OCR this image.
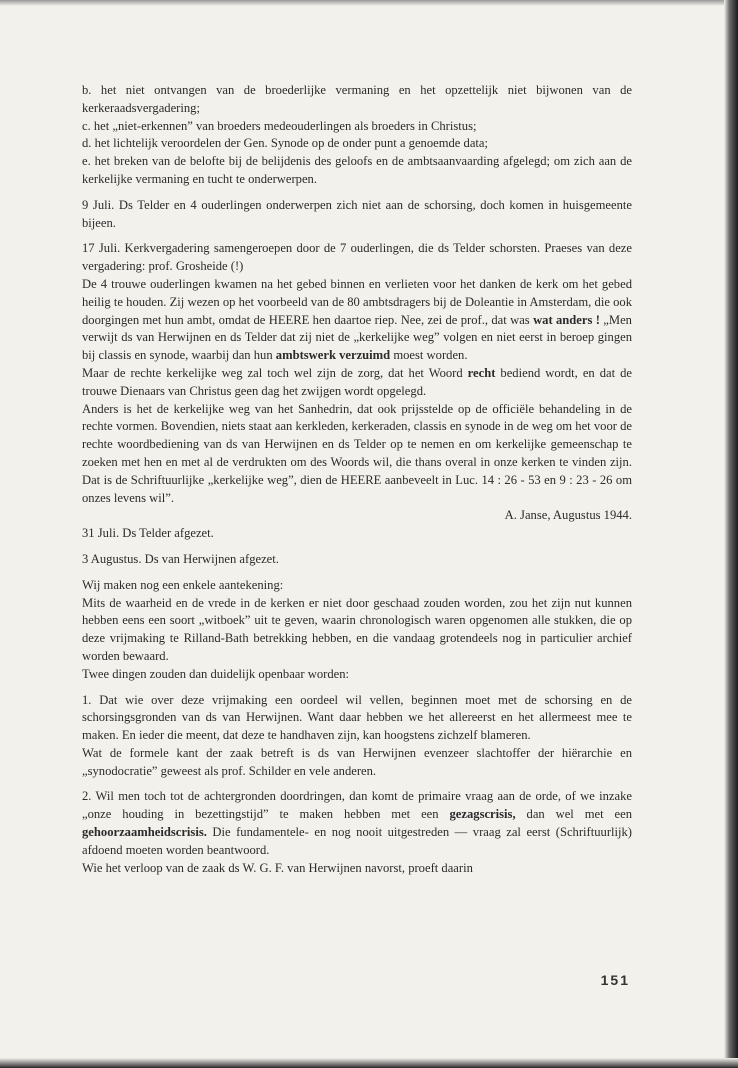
b. het niet ontvangen van de broederlijke vermaning en het opzettelijk niet bijwonen van de kerkeraadsvergadering;

c. het „niet-erkennen” van broeders medeouderlingen als broeders in Christus;

d. het lichtelijk veroordelen der Gen. Synode op de onder punt a genoemde data;

e. het breken van de belofte bij de belijdenis des geloofs en de ambtsaanvaarding afgelegd; om zich aan de kerkelijke vermaning en tucht te onderwerpen.

9 Juli. Ds Telder en 4 ouderlingen onderwerpen zich niet aan de schorsing, doch komen in huisgemeente bijeen.

17 Juli. Kerkvergadering samengeroepen door de 7 ouderlingen, die ds Telder schorsten. Praeses van deze vergadering: prof. Grosheide (!)

De 4 trouwe ouderlingen kwamen na het gebed binnen en verlieten voor het danken de kerk om het gebed heilig te houden. Zij wezen op het voorbeeld van de 80 ambtsdragers bij de Doleantie in Amsterdam, die ook doorgingen met hun ambt, omdat de HEERE hen daartoe riep. Nee, zei de prof., dat was wat anders ! „Men verwijt ds van Herwijnen en ds Telder dat zij niet de „kerkelijke weg” volgen en niet eerst in beroep gingen bij classis en synode, waarbij dan hun ambtswerk verzuimd moest worden.

Maar de rechte kerkelijke weg zal toch wel zijn de zorg, dat het Woord recht bediend wordt, en dat de trouwe Dienaars van Christus geen dag het zwijgen wordt opgelegd.

Anders is het de kerkelijke weg van het Sanhedrin, dat ook prijsstelde op de officiële behandeling in de rechte vormen. Bovendien, niets staat aan kerkleden, kerkeraden, classis en synode in de weg om het voor de rechte woordbediening van ds van Herwijnen en ds Telder op te nemen en om kerkelijke gemeenschap te zoeken met hen en met al de verdrukten om des Woords wil, die thans overal in onze kerken te vinden zijn. Dat is de Schriftuurlijke „kerkelijke weg”, dien de HEERE aanbeveelt in Luc. 14 : 26 - 53 en 9 : 23 - 26 om onzes levens wil”.

A. Janse, Augustus 1944.

31 Juli. Ds Telder afgezet.

3 Augustus. Ds van Herwijnen afgezet.

Wij maken nog een enkele aantekening:

Mits de waarheid en de vrede in de kerken er niet door geschaad zouden worden, zou het zijn nut kunnen hebben eens een soort „witboek” uit te geven, waarin chronologisch waren opgenomen alle stukken, die op deze vrijmaking te Rilland-Bath betrekking hebben, en die vandaag grotendeels nog in particulier archief worden bewaard.

Twee dingen zouden dan duidelijk openbaar worden:

1. Dat wie over deze vrijmaking een oordeel wil vellen, beginnen moet met de schorsing en de schorsingsgronden van ds van Herwijnen. Want daar hebben we het allereerst en het allermeest mee te maken. En ieder die meent, dat deze te handhaven zijn, kan hoogstens zichzelf blameren.

Wat de formele kant der zaak betreft is ds van Herwijnen evenzeer slachtoffer der hiërarchie en „synodocratie” geweest als prof. Schilder en vele anderen.

2. Wil men toch tot de achtergronden doordringen, dan komt de primaire vraag aan de orde, of we inzake „onze houding in bezettingstijd” te maken hebben met een gezagscrisis, dan wel met een gehoorzaamheidscrisis. Die fundamentele- en nog nooit uitgestreden — vraag zal eerst (Schriftuurlijk) afdoend moeten worden beantwoord.

Wie het verloop van de zaak ds W. G. F. van Herwijnen navorst, proeft daarin

151
